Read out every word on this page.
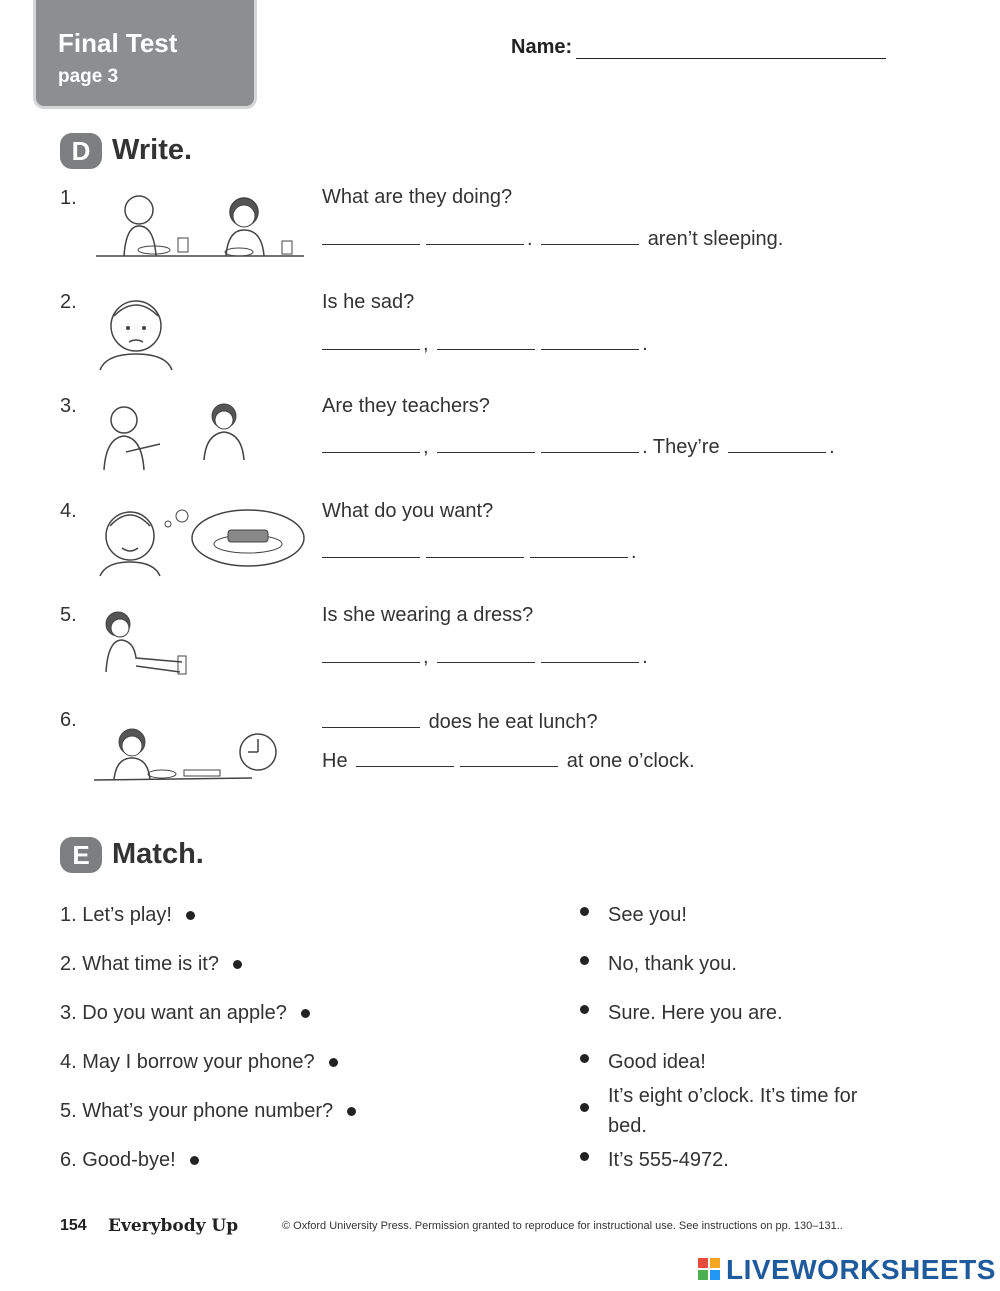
Final Test
page 3
Name:
D Write.
1.	What are they doing?
.	aren’t sleeping.
2.	Is he sad?
,	.
3.	Are they teachers?
,	. They’re	.
4.	What do you want?
.
5.	Is she wearing a dress?
,	.
6.	does he eat lunch?
He	at one o’clock.
E Match.
1. Let’s play!
2. What time is it?
3. Do you want an apple?
4. May I borrow your phone?
5. What’s your phone number?
6. Good-bye!
See you!
No, thank you.
Sure. Here you are.
Good idea!
It’s eight o’clock. It’s time for bed.
It’s 555-4972.
154 Everybody Up	© Oxford University Press. Permission granted to reproduce for instructional use. See instructions on pp. 130–131..
LIVEWORKSHEETS
